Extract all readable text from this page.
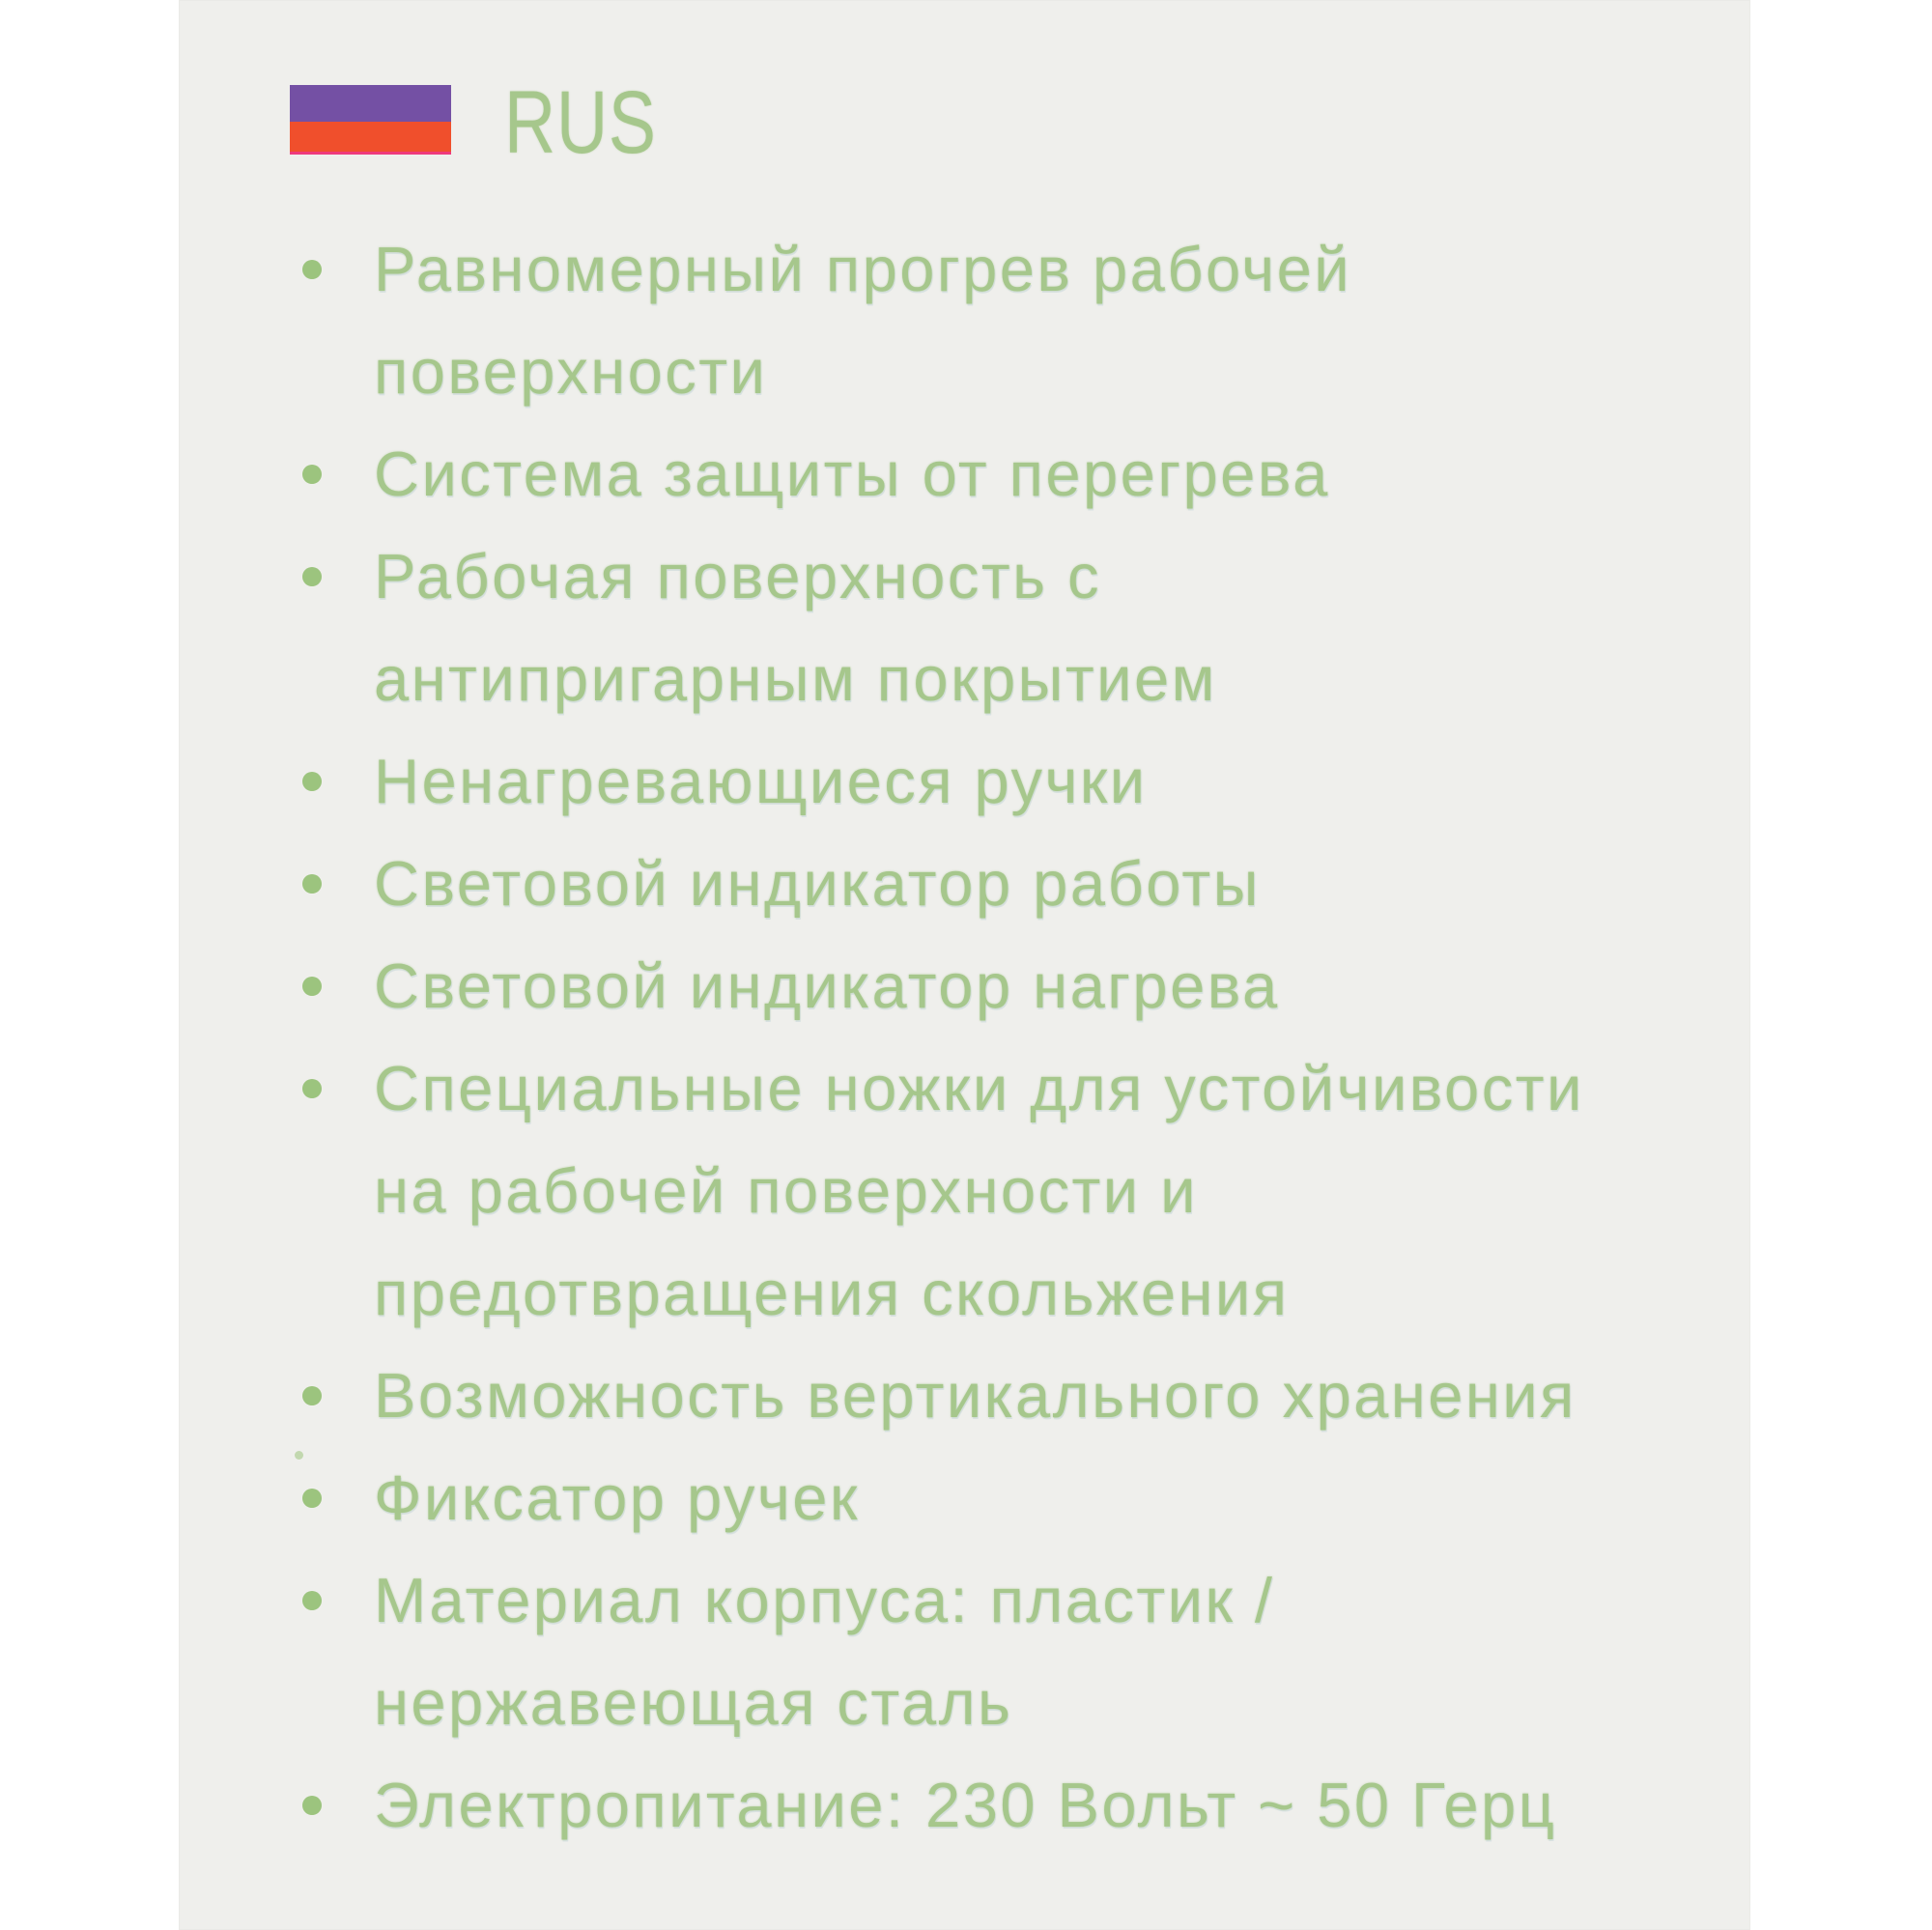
RUS
Равномерный прогрев рабочей
поверхности
Система защиты от перегрева
Рабочая поверхность с
антипригарным покрытием
Ненагревающиеся ручки
Световой индикатор работы
Световой индикатор нагрева
Специальные ножки для устойчивости
на рабочей поверхности и
предотвращения скольжения
Возможность вертикального хранения
Фиксатор ручек
Материал корпуса: пластик /
нержавеющая сталь
Электропитание: 230 Вольт ~ 50 Герц
